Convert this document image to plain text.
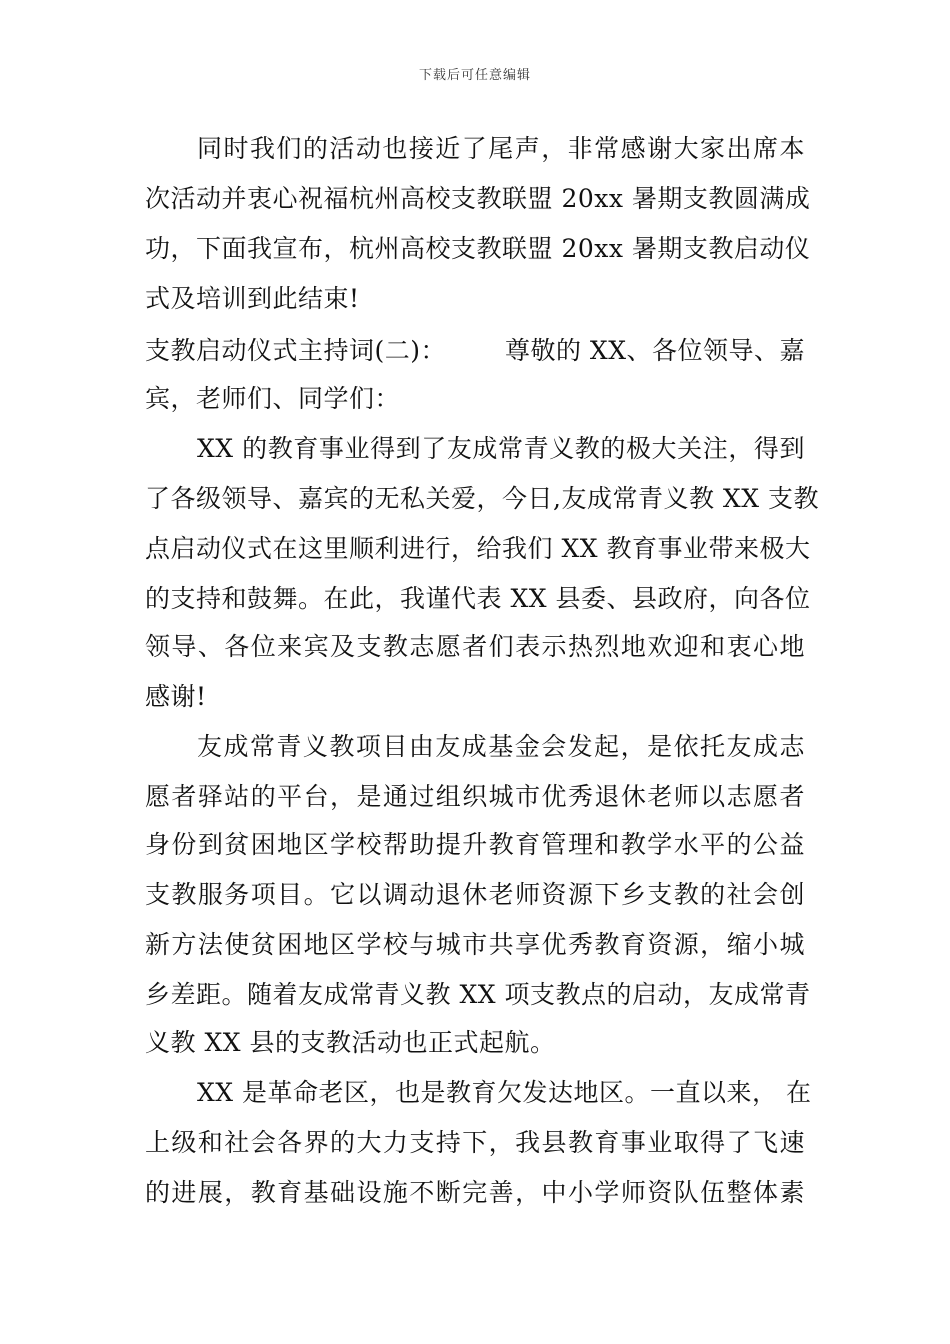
下载后可任意编辑
同时我们的活动也接近了尾声，非常感谢大家出席本
次活动并衷心祝福杭州高校支教联盟 20xx 暑期支教圆满成
功，下面我宣布，杭州高校支教联盟 20xx 暑期支教启动仪
式及培训到此结束!
支教启动仪式主持词(二)： 尊敬的 XX、各位领导、嘉
宾，老师们、同学们：
XX 的教育事业得到了友成常青义教的极大关注，得到
了各级领导、嘉宾的无私关爱，今日,友成常青义教 XX 支教
点启动仪式在这里顺利进行，给我们 XX 教育事业带来极大
的支持和鼓舞。在此，我谨代表 XX 县委、县政府，向各位
领导、各位来宾及支教志愿者们表示热烈地欢迎和衷心地
感谢!
友成常青义教项目由友成基金会发起，是依托友成志
愿者驿站的平台，是通过组织城市优秀退休老师以志愿者
身份到贫困地区学校帮助提升教育管理和教学水平的公益
支教服务项目。它以调动退休老师资源下乡支教的社会创
新方法使贫困地区学校与城市共享优秀教育资源，缩小城
乡差距。随着友成常青义教 XX 项支教点的启动，友成常青
义教 XX 县的支教活动也正式起航。
XX 是革命老区，也是教育欠发达地区。一直以来， 在
上级和社会各界的大力支持下，我县教育事业取得了飞速
的进展，教育基础设施不断完善，中小学师资队伍整体素
